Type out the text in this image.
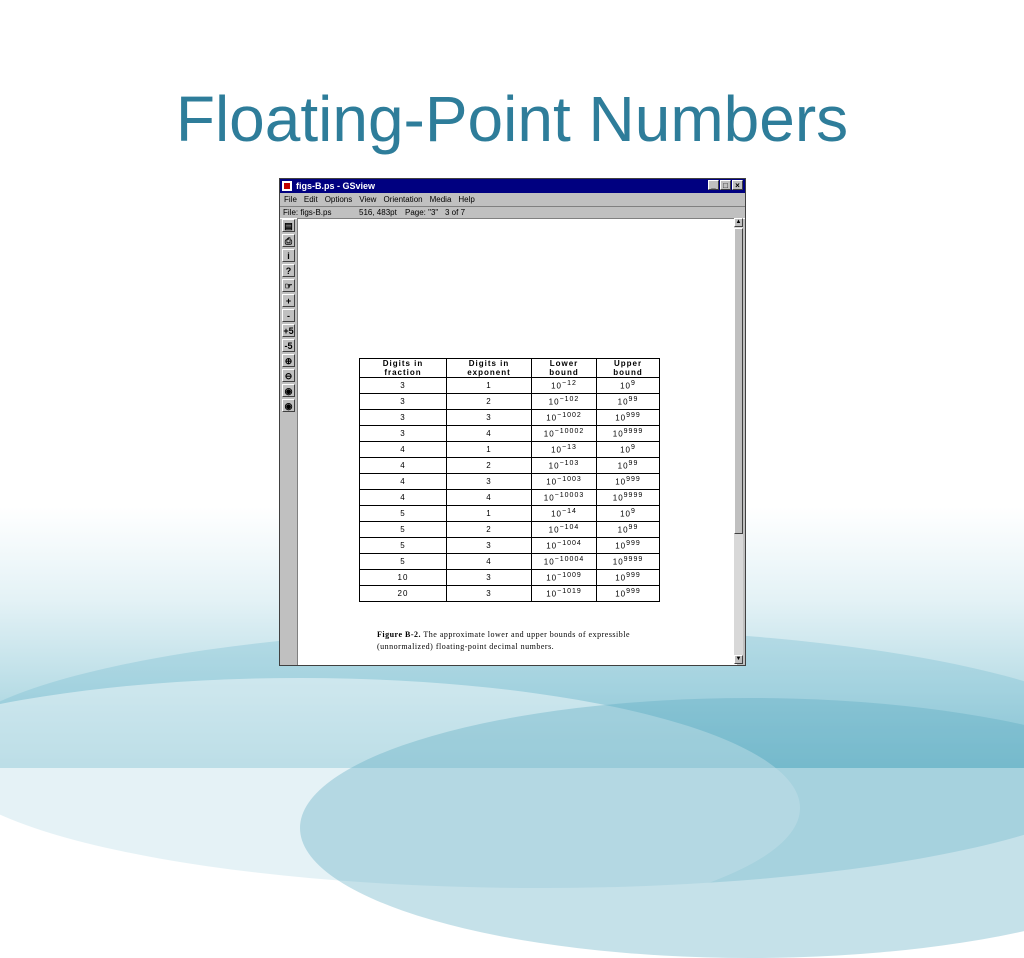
Floating-Point Numbers
figs-B.ps - GSview	_ □ ×
File Edit Options View Orientation Media Help
File: figs-B.ps	516, 483pt	Page: "3" 3 of 7
▤
⎙
i
?
☞
+
-
+5
-5
⊕
⊖
◉
◉
Digits in fraction	Digits in exponent	Lower bound	Upper bound
3	1	$10^{-12}$	$10^9$
3	2	$10^{-102}$	$10^{99}$
3	3	$10^{-1002}$	$10^{999}$
3	4	$10^{-10002}$	$10^{9999}$
4	1	$10^{-13}$	$10^9$
4	2	$10^{-103}$	$10^{99}$
4	3	$10^{-1003}$	$10^{999}$
4	4	$10^{-10003}$	$10^{9999}$
5	1	$10^{-14}$	$10^9$
5	2	$10^{-104}$	$10^{99}$
5	3	$10^{-1004}$	$10^{999}$
5	4	$10^{-10004}$	$10^{9999}$
10	3	$10^{-1009}$	$10^{999}$
20	3	$10^{-1019}$	$10^{999}$
Figure B-2. The approximate lower and upper bounds of expressible (unnormalized) floating-point decimal numbers.
▲
▼
